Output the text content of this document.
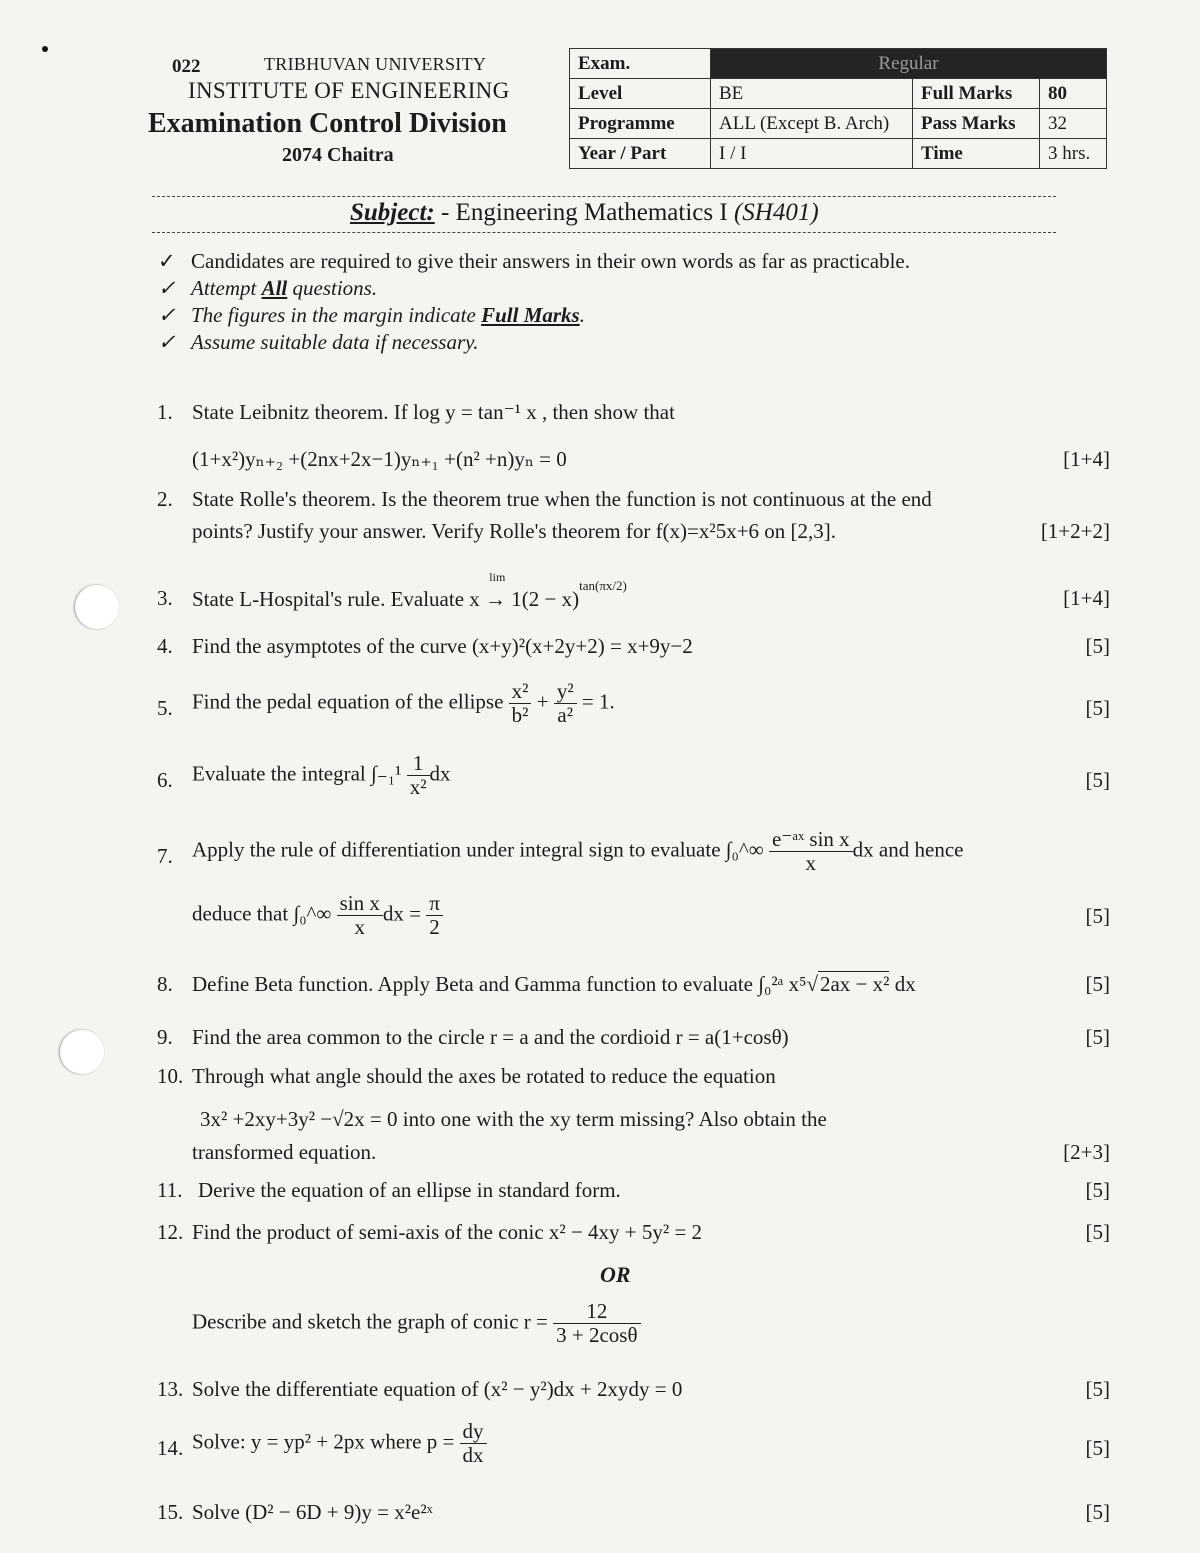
022	TRIBHUVAN UNIVERSITY
INSTITUTE OF ENGINEERING
Examination Control Division
2074 Chaitra
Exam.	Regular		
Level	BE	Full Marks	80
Programme	ALL (Except B. Arch)	Pass Marks	32
Year / Part	I / I	Time	3 hrs.
Subject: - Engineering Mathematics I (SH401)
✓ Candidates are required to give their answers in their own words as far as practicable.
✓ Attempt
All
questions.
✓ The figures in the margin indicate
Full Marks .
✓ Assume suitable data if necessary.
1. State Leibnitz theorem. If log y = tan⁻¹ x , then show that
(1+x²)yₙ₊₂ +(2nx+2x−1)yₙ₊₁ +(n² +n)yₙ = 0	[1+4]
2. State Rolle's theorem. Is the theorem true when the function is not continuous at the end
points? Justify your answer. Verify Rolle's theorem for f(x)=x²5x+6 on [2,3].	[1+2+2]
3. State L-Hospital's rule. Evaluate
lim
$x \to 1(2 - x)^{tan(\pi x/2)}$
[1+4]
4. Find the asymptotes of the curve (x+y)²(x+2y+2) = x+9y−2	[5]
5. Find the pedal equation of the ellipse $\frac{\text{x²}}{\text{b²}} + \frac{\text{y²}}{\text{a²}} = 1$.	[5]
6. Evaluate the integral $\int_{-1}^1 \frac{1}{\text{x²}}$ dx	[5]
7. Apply the rule of differentiation under integral sign to evaluate ∫₀^∞ $\frac{\text{e⁻ᵃˣ sin x}}{x}$ dx and hence
deduce that ∫₀^∞ $\frac{\text{sin x}}{x}$ dx = $\frac{\pi}{2}$	[5]
8. Define Beta function. Apply Beta and Gamma function to evaluate ∫₀²ᵃ x⁵√2ax − x² dx	[5]
9. Find the area common to the circle r = a and the cordioid r = a(1+cosθ)	[5]
10. Through what angle should the axes be rotated to reduce the equation
3x² +2xy+3y² −√2x = 0 into one with the xy term missing? Also obtain the
transformed equation.	[2+3]
11. Derive the equation of an ellipse in standard form.	[5]
12. Find the product of semi-axis of the conic x² − 4xy + 5y² = 2	[5]
OR
Describe and sketch the graph of conic $r = \frac{12}{3 + 2\cos\theta}$
13. Solve the differentiate equation of (x² − y²)dx + 2xydy = 0	[5]
14. Solve: y = yp² + 2px where $p = \frac{dy}{dx}$	[5]
15. Solve (D² − 6D + 9)y = x²e²ˣ	[5]
